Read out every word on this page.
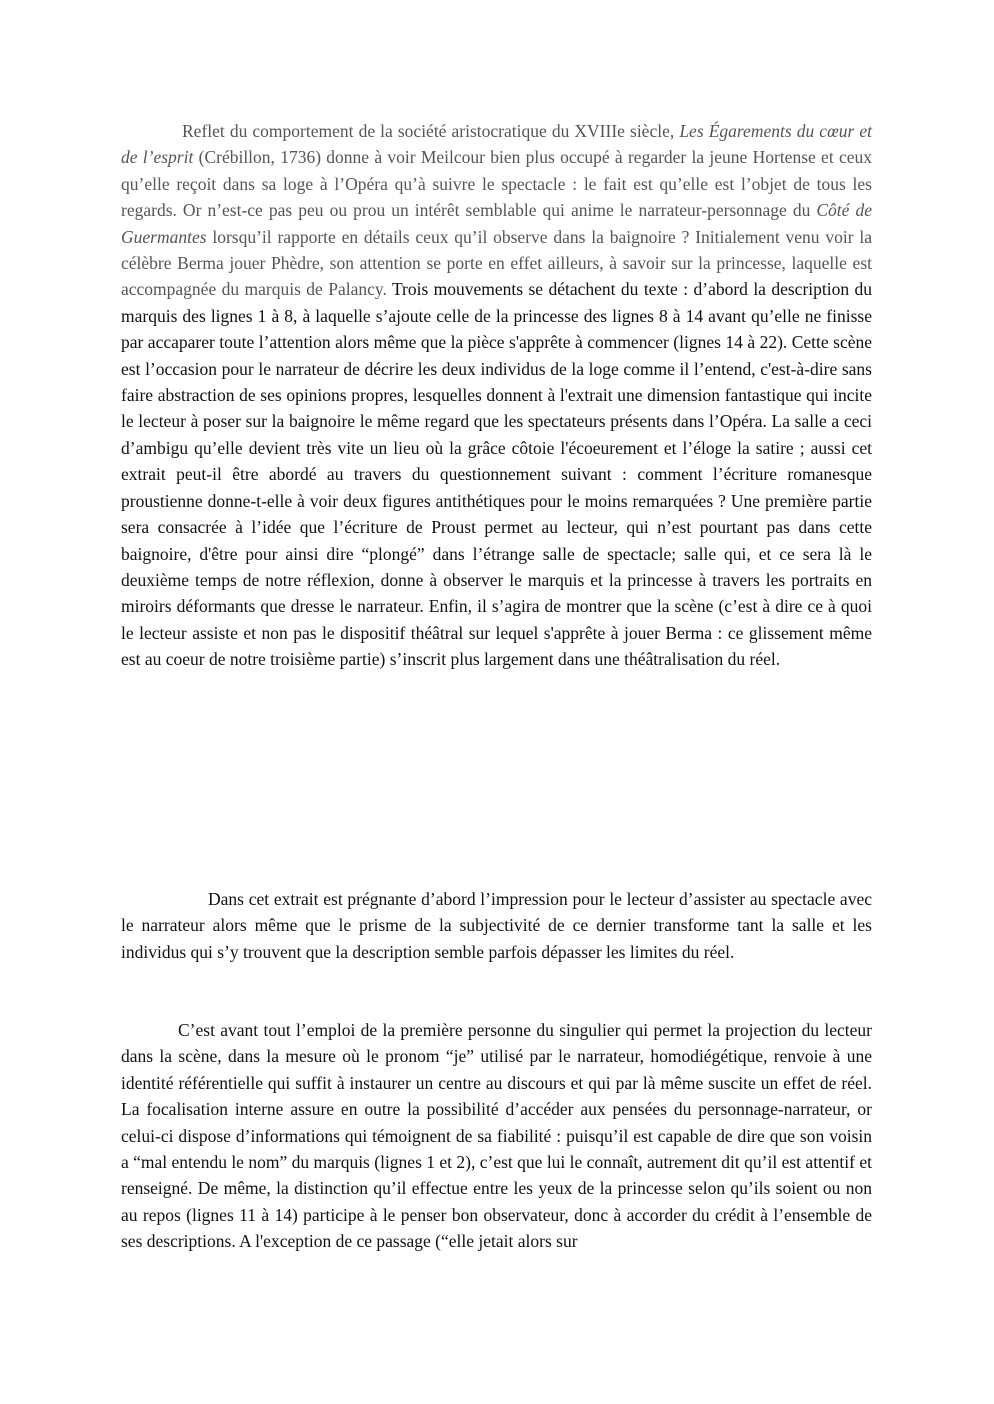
Reflet du comportement de la société aristocratique du XVIIIe siècle, Les Égarements du cœur et de l’esprit (Crébillon, 1736) donne à voir Meilcour bien plus occupé à regarder la jeune Hortense et ceux qu’elle reçoit dans sa loge à l’Opéra qu’à suivre le spectacle : le fait est qu’elle est l’objet de tous les regards. Or n’est-ce pas peu ou prou un intérêt semblable qui anime le narrateur-personnage du Côté de Guermantes lorsqu’il rapporte en détails ceux qu’il observe dans la baignoire ? Initialement venu voir la célèbre Berma jouer Phèdre, son attention se porte en effet ailleurs, à savoir sur la princesse, laquelle est accompagnée du marquis de Palancy. Trois mouvements se détachent du texte : d’abord la description du marquis des lignes 1 à 8, à laquelle s’ajoute celle de la princesse des lignes 8 à 14 avant qu’elle ne finisse par accaparer toute l’attention alors même que la pièce s'apprête à commencer (lignes 14 à 22). Cette scène est l’occasion pour le narrateur de décrire les deux individus de la loge comme il l’entend, c'est-à-dire sans faire abstraction de ses opinions propres, lesquelles donnent à l'extrait une dimension fantastique qui incite le lecteur à poser sur la baignoire le même regard que les spectateurs présents dans l’Opéra. La salle a ceci d’ambigu qu’elle devient très vite un lieu où la grâce côtoie l'écoeurement et l’éloge la satire ; aussi cet extrait peut-il être abordé au travers du questionnement suivant : comment l’écriture romanesque proustienne donne-t-elle à voir deux figures antithétiques pour le moins remarquées ? Une première partie sera consacrée à l’idée que l’écriture de Proust permet au lecteur, qui n’est pourtant pas dans cette baignoire, d'être pour ainsi dire “plongé” dans l’étrange salle de spectacle; salle qui, et ce sera là le deuxième temps de notre réflexion, donne à observer le marquis et la princesse à travers les portraits en miroirs déformants que dresse le narrateur. Enfin, il s’agira de montrer que la scène (c’est à dire ce à quoi le lecteur assiste et non pas le dispositif théâtral sur lequel s'apprête à jouer Berma : ce glissement même est au coeur de notre troisième partie) s’inscrit plus largement dans une théâtralisation du réel.

Dans cet extrait est prégnante d’abord l’impression pour le lecteur d’assister au spectacle avec le narrateur alors même que le prisme de la subjectivité de ce dernier transforme tant la salle et les individus qui s’y trouvent que la description semble parfois dépasser les limites du réel.

C’est avant tout l’emploi de la première personne du singulier qui permet la projection du lecteur dans la scène, dans la mesure où le pronom “je” utilisé par le narrateur, homodiégétique, renvoie à une identité référentielle qui suffit à instaurer un centre au discours et qui par là même suscite un effet de réel. La focalisation interne assure en outre la possibilité d’accéder aux pensées du personnage-narrateur, or celui-ci dispose d’informations qui témoignent de sa fiabilité : puisqu’il est capable de dire que son voisin a “mal entendu le nom” du marquis (lignes 1 et 2), c’est que lui le connaît, autrement dit qu’il est attentif et renseigné. De même, la distinction qu’il effectue entre les yeux de la princesse selon qu’ils soient ou non au repos (lignes 11 à 14) participe à le penser bon observateur, donc à accorder du crédit à l’ensemble de ses descriptions. A l'exception de ce passage (“elle jetait alors sur
